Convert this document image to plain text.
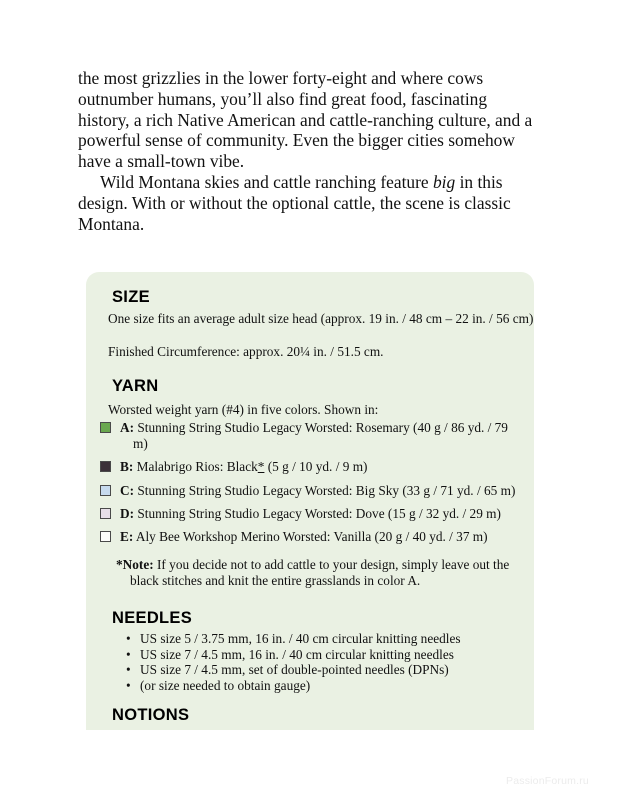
the most grizzlies in the lower forty-eight and where cows outnumber humans, you’ll also find great food, fascinating history, a rich Native American and cattle-ranching culture, and a powerful sense of community. Even the bigger cities somehow have a small-town vibe.

Wild Montana skies and cattle ranching feature big in this design. With or without the optional cattle, the scene is classic Montana.

SIZE
One size fits an average adult size head (approx. 19 in. / 48 cm – 22 in. / 56 cm)
Finished Circumference: approx. 20¼ in. / 51.5 cm.
YARN
Worsted weight yarn (#4) in five colors. Shown in:
A: Stunning String Studio Legacy Worsted: Rosemary (40 g / 86 yd. / 79 m)
B: Malabrigo Rios: Black* (5 g / 10 yd. / 9 m)
C: Stunning String Studio Legacy Worsted: Big Sky (33 g / 71 yd. / 65 m)
D: Stunning String Studio Legacy Worsted: Dove (15 g / 32 yd. / 29 m)
E: Aly Bee Workshop Merino Worsted: Vanilla (20 g / 40 yd. / 37 m)
*Note: If you decide not to add cattle to your design, simply leave out the black stitches and knit the entire grasslands in color A.
NEEDLES
• US size 5 / 3.75 mm, 16 in. / 40 cm circular knitting needles
• US size 7 / 4.5 mm, 16 in. / 40 cm circular knitting needles
• US size 7 / 4.5 mm, set of double-pointed needles (DPNs)
• (or size needed to obtain gauge)
NOTIONS
PassionForum.ru
